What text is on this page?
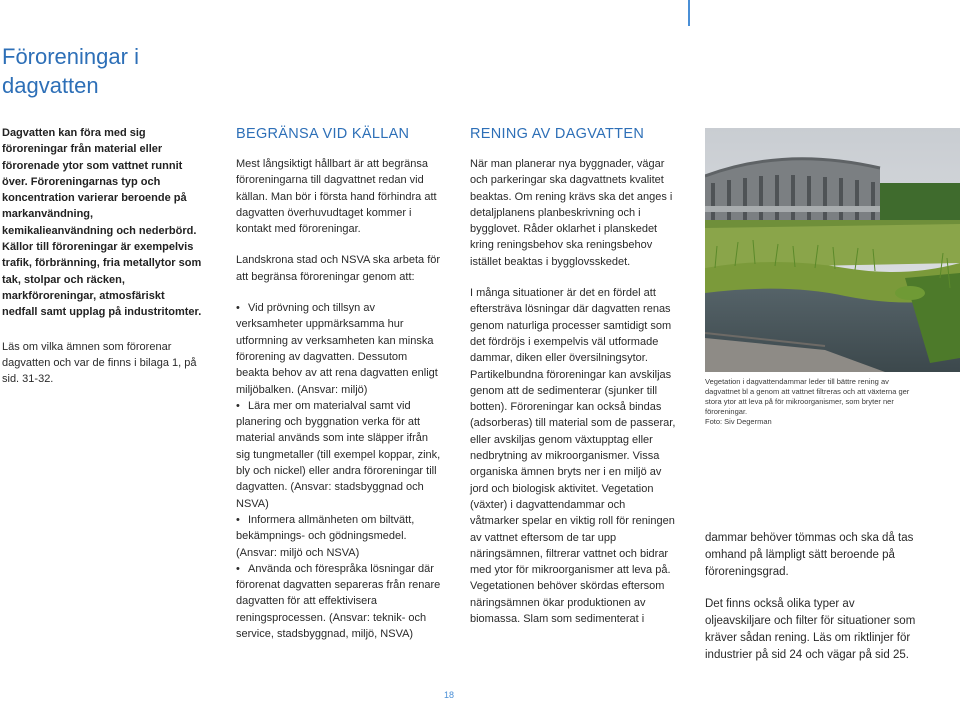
Föroreningar i
dagvatten

Dagvatten kan föra med sig föroreningar från material eller förorenade ytor som vattnet runnit över. Föroreningarnas typ och koncentration varierar beroende på markanvändning, kemikalieanvändning och nederbörd. Källor till föroreningar är exempelvis trafik, förbränning, fria metallytor som tak, stolpar och räcken, markföroreningar, atmosfäriskt nedfall samt upplag på industritomter.

Läs om vilka ämnen som förorenar dagvatten och var de finns i bilaga 1, på sid. 31-32.

BEGRÄNSA VID KÄLLAN

Mest långsiktigt hållbart är att begränsa föroreningarna till dagvattnet redan vid källan. Man bör i första hand förhindra att dagvatten överhuvudtaget kommer i kontakt med föroreningar.

Landskrona stad och NSVA ska arbeta för att begränsa föroreningar genom att:

• Vid prövning och tillsyn av verksamheter uppmärksamma hur utformning av verksamheten kan minska förorening av dagvatten. Dessutom beakta behov av att rena dagvatten enligt miljöbalken. (Ansvar: miljö)

• Lära mer om materialval samt vid planering och byggnation verka för att material används som inte släpper ifrån sig tungmetaller (till exempel koppar, zink, bly och nickel) eller andra föroreningar till dagvatten. (Ansvar: stadsbyggnad och NSVA)

• Informera allmänheten om biltvätt, bekämpnings- och gödningsmedel. (Ansvar: miljö och NSVA)

• Använda och förespråka lösningar där förorenat dagvatten separeras från renare dagvatten för att effektivisera reningsprocessen. (Ansvar: teknik- och service, stadsbyggnad, miljö, NSVA)

RENING AV DAGVATTEN

När man planerar nya byggnader, vägar och parkeringar ska dagvattnets kvalitet beaktas. Om rening krävs ska det anges i detaljplanens planbeskrivning och i bygglovet. Råder oklarhet i planskedet kring reningsbehov ska reningsbehov istället beaktas i bygglovsskedet.

I många situationer är det en fördel att eftersträva lösningar där dagvatten renas genom naturliga processer samtidigt som det fördröjs i exempelvis väl utformade dammar, diken eller översilningsytor. Partikelbundna föroreningar kan avskiljas genom att de sedimenterar (sjunker till botten). Föroreningar kan också bindas (adsorberas) till material som de passerar, eller avskiljas genom växtupptag eller nedbrytning av mikroorganismer. Vissa organiska ämnen bryts ner i en miljö av jord och biologisk aktivitet. Vegetation (växter) i dagvattendammar och våtmarker spelar en viktig roll för reningen av vattnet eftersom de tar upp näringsämnen, filtrerar vattnet och bidrar med ytor för mikroorganismer att leva på. Vegetationen behöver skördas eftersom näringsämnen ökar produktionen av biomassa. Slam som sedimenterat i

Vegetation i dagvattendammar leder till bättre rening av dagvattnet bl a genom att vattnet filtreras och att växterna ger stora ytor att leva på för mikroorganismer, som bryter ner föroreningar.
Foto: Siv Degerman

dammar behöver tömmas och ska då tas omhand på lämpligt sätt beroende på föroreningsgrad.

Det finns också olika typer av oljeavskiljare och filter för situationer som kräver sådan rening. Läs om riktlinjer för industrier på sid 24 och vägar på sid 25.

18
